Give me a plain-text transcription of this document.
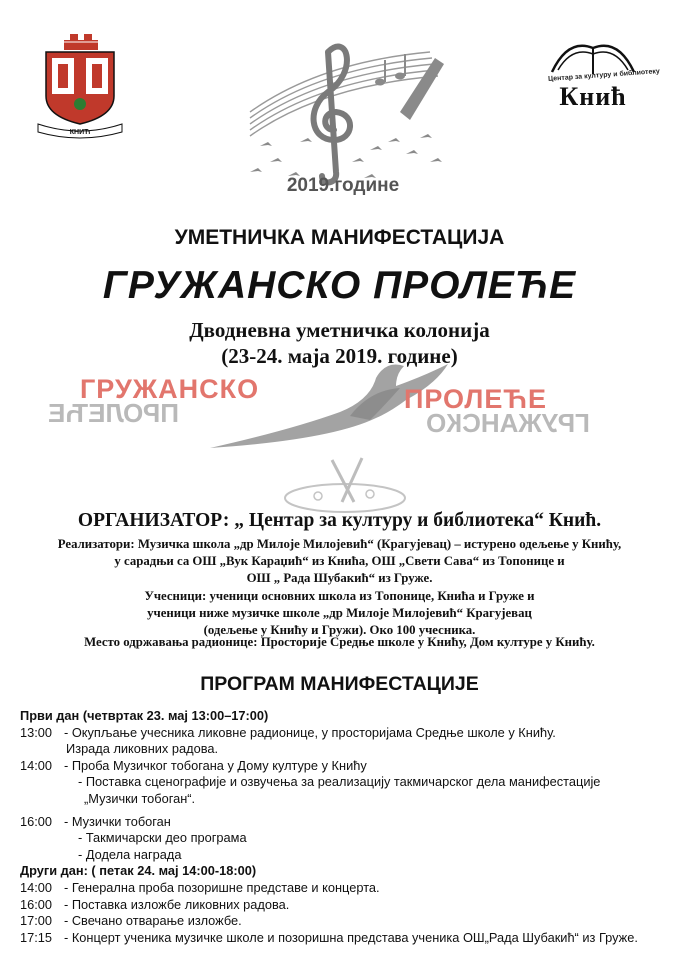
КНИЋ
2019.године
Центар за културу и библиотеку
Кнић
УМЕТНИЧКА МАНИФЕСТАЦИЈА
ГРУЖАНСКО ПРОЛЕЋЕ
Дводневна уметничка колонија
(23-24. маја 2019. године)
ГРУЖАНСКО
ПРОЛЕЋЕ	ПРОЛЕЋЕ
ГРУЖАНСКО
ОРГАНИЗАТОР: „ Центар за културу и библиотека“ Кнић.
Реализатори: Музичка школа „др Милоје Милојевић“ (Крагујевац) – истурено одељење у Книћу,
у сарадњи са ОШ „Вук Караџић“ из Кнића, ОШ „Свети Сава“ из Топонице и
ОШ „ Рада Шубакић“ из Груже.
Учесници: ученици основних школа из Топонице, Кнића и Груже и
ученици ниже музичке школе „др Милоје Милојевић“ Крагујевац
(одељење у Книћу и Гружи). Око 100 учесника.
Место одржавања радионице: Просторије Средње школе у Книћу, Дом културе у Книћу.
ПРОГРАМ МАНИФЕСТАЦИЈЕ
Први дан (четвртак 23. мај 13:00–17:00)
13:00 - Окупљање учесника ликовне радионице, у просторијама Средње школе у Книћу.
Израда ликовних радова.
14:00 - Проба Музичког тобогана у Дому културе у Книћу
- Постaвка сценографије и озвучења за реализацију такмичарског дела манифестације
„Музички тобоган“.
16:00 - Музички тобоган
- Такмичарски део програма
- Додела награда
Други дан: ( петак 24. мај 14:00-18:00)
14:00 - Генерална проба позоришне представе и концерта.
16:00 - Поставка изложбе ликовних радова.
17:00 - Свечано отварање изложбе.
17:15 - Концерт ученика музичке школе и позоришна представа ученика ОШ„Рада Шубакић“ из Груже.
